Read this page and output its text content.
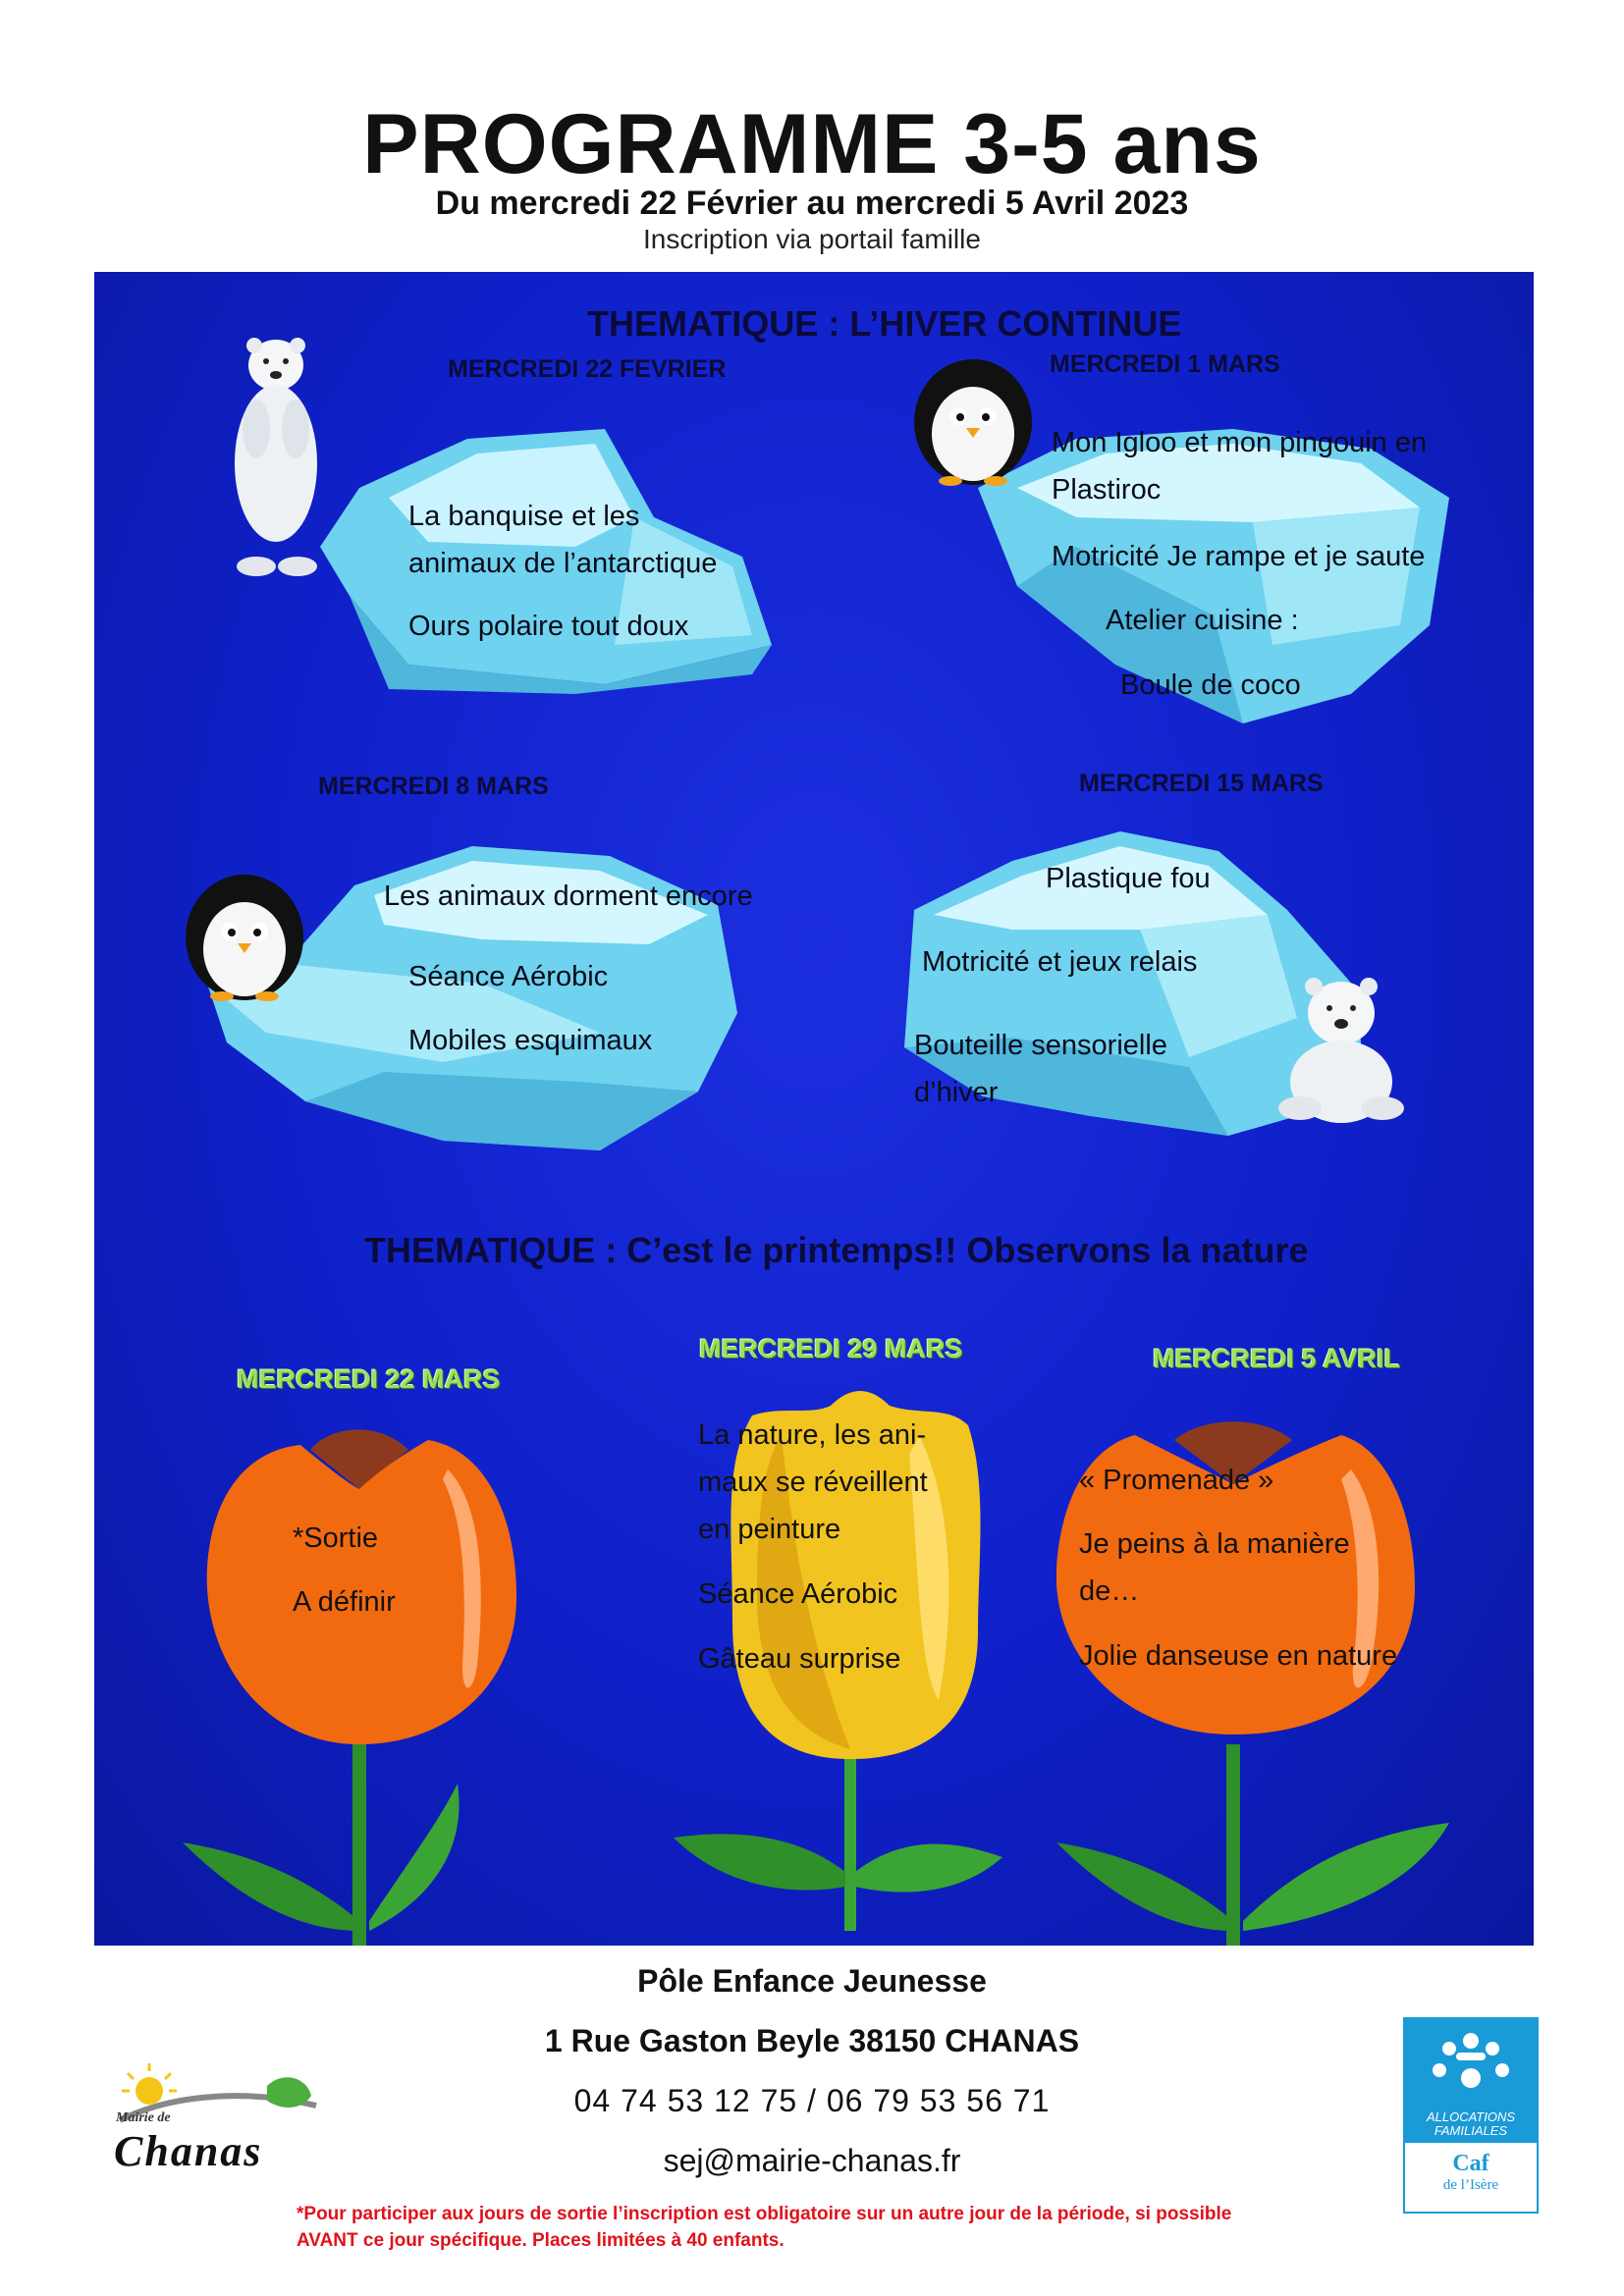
PROGRAMME 3-5 ans
Du mercredi 22 Février au mercredi 5 Avril 2023
Inscription via portail famille
THEMATIQUE : L’HIVER CONTINUE
MERCREDI 22 FEVRIER
La banquise et les
animaux de l’antarctique
Ours polaire tout doux
MERCREDI 1 MARS
Mon Igloo et mon pingouin en
Plastiroc
Motricité Je rampe et je saute
Atelier cuisine :
Boule de coco
MERCREDI 8 MARS
Les animaux dorment encore
Séance Aérobic
Mobiles esquimaux
MERCREDI 15 MARS
Plastique fou
Motricité et jeux relais
Bouteille sensorielle
d’hiver
THEMATIQUE : C’est le printemps!! Observons la nature
MERCREDI 22 MARS
*Sortie
A définir
MERCREDI 29 MARS
La nature, les ani-
maux se réveillent
en peinture
Séance Aérobic
Gâteau surprise
MERCREDI 5 AVRIL
« Promenade »
Je peins à la manière
de…
Jolie danseuse en nature
Pôle Enfance Jeunesse
1 Rue Gaston Beyle 38150 CHANAS
04 74 53 12 75 / 06 79 53 56 71
sej@mairie-chanas.fr
Mairie de
Chanas
ALLOCATIONS
FAMILIALES
Caf
de l’Isère
*Pour participer aux jours de sortie l’inscription est obligatoire sur un autre jour de la période, si possible
AVANT ce jour spécifique. Places limitées à 40 enfants.
